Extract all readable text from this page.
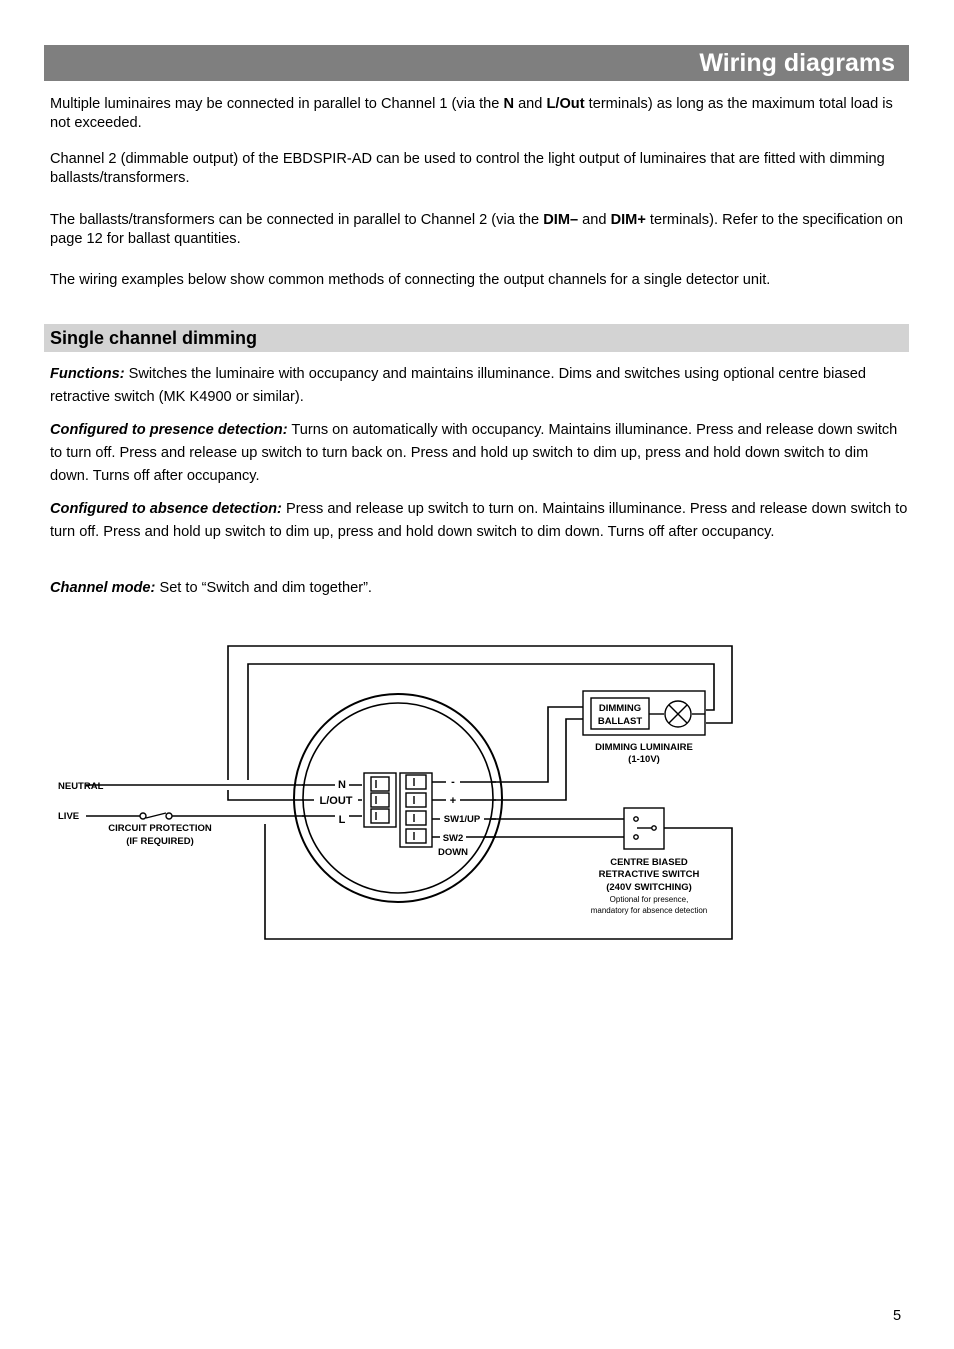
Wiring diagrams

Multiple luminaires may be connected in parallel to Channel 1 (via the N and L/Out terminals) as long as the maximum total load is not exceeded.

Channel 2 (dimmable output) of the EBDSPIR-AD can be used to control the light output of luminaires that are fitted with dimming ballasts/transformers.

The ballasts/transformers can be connected in parallel to Channel 2 (via the DIM– and DIM+ terminals). Refer to the specification on page 12 for ballast quantities.

The wiring examples below show common methods of connecting the output channels for a single detector unit.

Single channel dimming

Functions: Switches the luminaire with occupancy and maintains illuminance. Dims and switches using optional centre biased retractive switch (MK K4900 or similar).

Configured to presence detection: Turns on automatically with occupancy. Maintains illuminance. Press and release down switch to turn off. Press and release up switch to turn back on. Press and hold up switch to dim up, press and hold down switch to dim down. Turns off after occupancy.

Configured to absence detection: Press and release up switch to turn on. Maintains illuminance. Press and release down switch to turn off. Press and hold up switch to dim up, press and hold down switch to dim down. Turns off after occupancy.

Channel mode: Set to “Switch and dim together”.

N
L/OUT
L
-
+
SW1/UP
SW2
DOWN
NEUTRAL
LIVE
CIRCUIT PROTECTION
(IF REQUIRED)
DIMMING
BALLAST
DIMMING LUMINAIRE
(1-10V)
CENTRE BIASED
RETRACTIVE SWITCH
(240V SWITCHING)
Optional for presence,
mandatory for absence detection
5
